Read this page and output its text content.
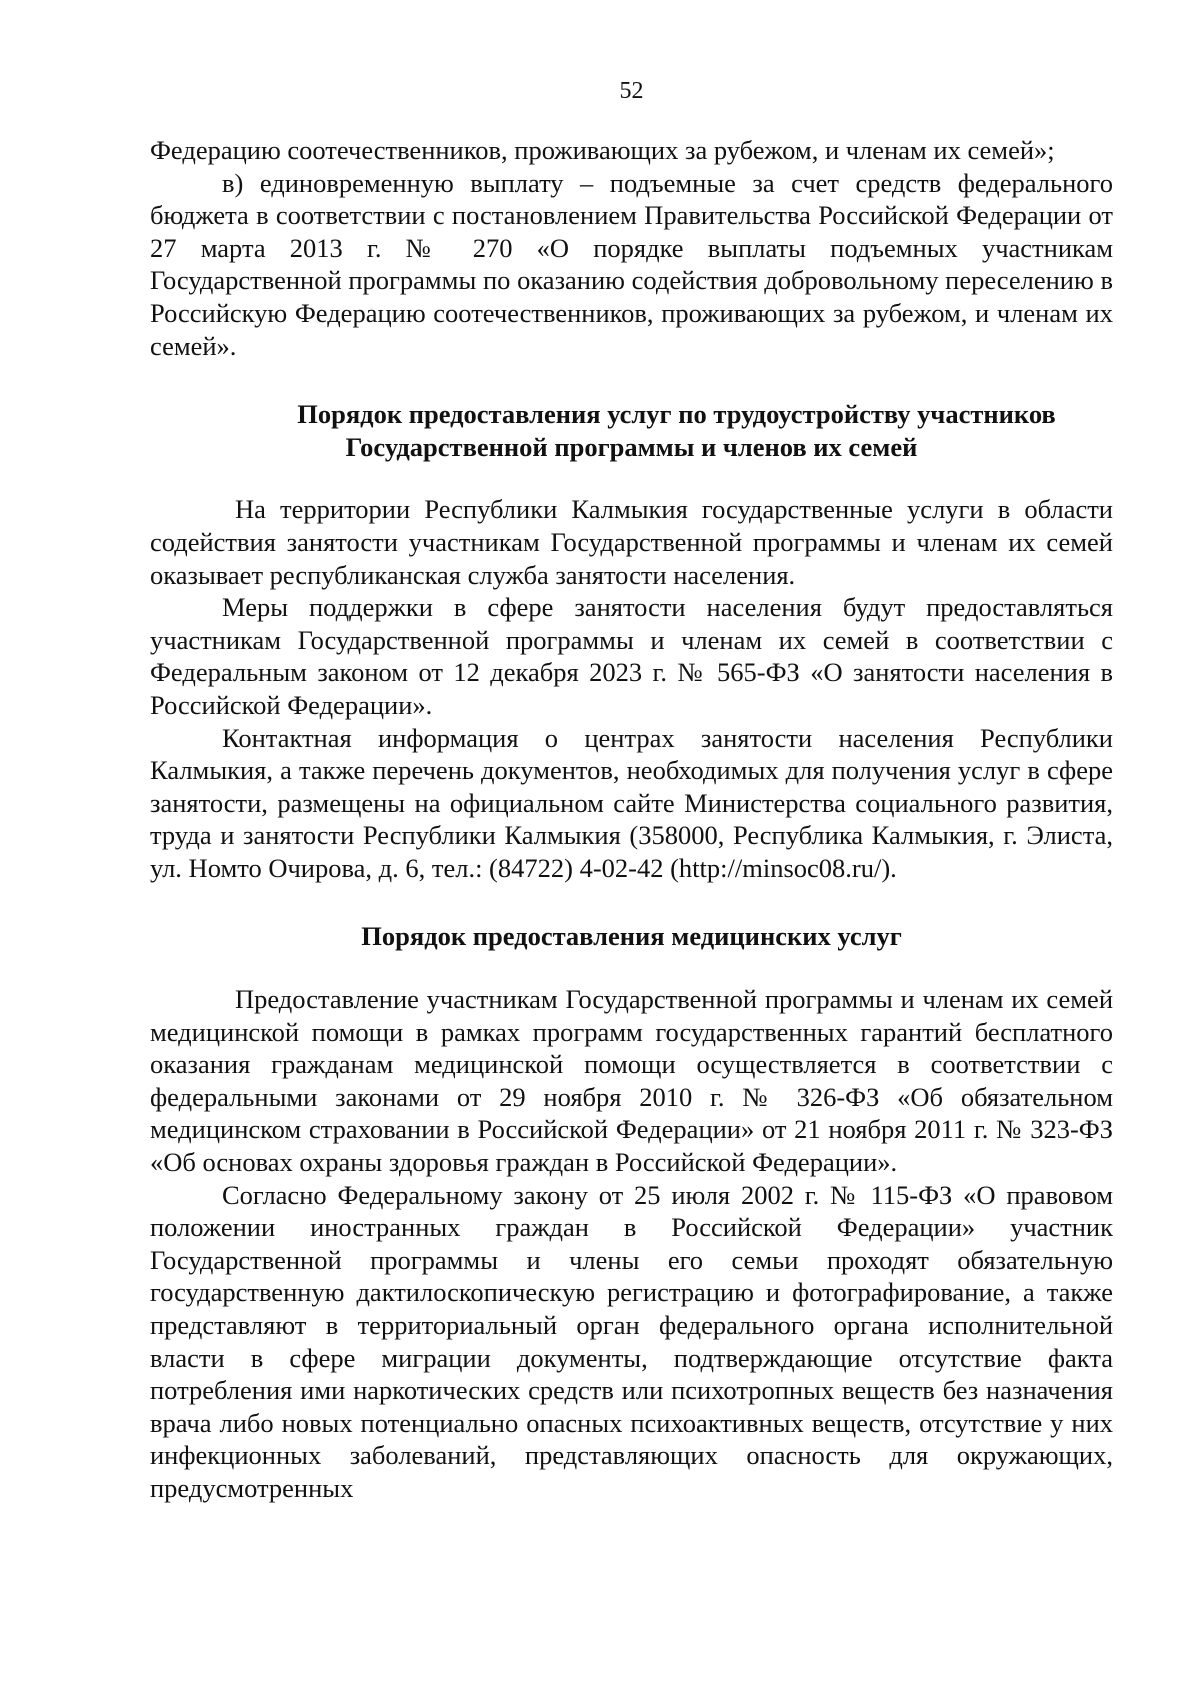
52

Федерацию соотечественников, проживающих за рубежом, и членам их семей»;

в) единовременную выплату – подъемные за счет средств федерального бюджета в соответствии с постановлением Правительства Российской Федерации от 27 марта 2013 г. № 270 «О порядке выплаты подъемных участникам Государственной программы по оказанию содействия добровольному переселению в Российскую Федерацию соотечественников, проживающих за рубежом, и членам их семей».

Порядок предоставления услуг по трудоустройству участников
Государственной программы и членов их семей

На территории Республики Калмыкия государственные услуги в области содействия занятости участникам Государственной программы и членам их семей оказывает республиканская служба занятости населения.

Меры поддержки в сфере занятости населения будут предоставляться участникам Государственной программы и членам их семей в соответствии с Федеральным законом от 12 декабря 2023 г. № 565-ФЗ «О занятости населения в Российской Федерации».

Контактная информация о центрах занятости населения Республики Калмыкия, а также перечень документов, необходимых для получения услуг в сфере занятости, размещены на официальном сайте Министерства социального развития, труда и занятости Республики Калмыкия (358000, Республика Калмыкия, г. Элиста, ул. Номто Очирова, д. 6, тел.: (84722) 4-02-42 (http://minsoc08.ru/).

Порядок предоставления медицинских услуг

Предоставление участникам Государственной программы и членам их семей медицинской помощи в рамках программ государственных гарантий бесплатного оказания гражданам медицинской помощи осуществляется в соответствии с федеральными законами от 29 ноября 2010 г. № 326-ФЗ «Об обязательном медицинском страховании в Российской Федерации» от 21 ноября 2011 г. № 323-ФЗ «Об основах охраны здоровья граждан в Российской Федерации».

Согласно Федеральному закону от 25 июля 2002 г. № 115-ФЗ «О правовом положении иностранных граждан в Российской Федерации» участник Государственной программы и члены его семьи проходят обязательную государственную дактилоскопическую регистрацию и фотографирование, а также представляют в территориальный орган федерального органа исполнительной власти в сфере миграции документы, подтверждающие отсутствие факта потребления ими наркотических средств или психотропных веществ без назначения врача либо новых потенциально опасных психоактивных веществ, отсутствие у них инфекционных заболеваний, представляющих опасность для окружающих, предусмотренных
